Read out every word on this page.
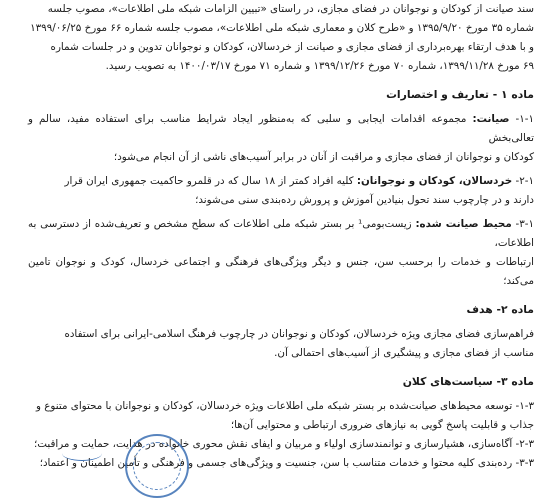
سند صیانت از کودکان و نوجوانان در فضای مجازی، در راستای «تبیین الزامات شبکه ملی اطلاعات»، مصوب جلسه

شماره ۳۵ مورخ ۱۳۹۵/۹/۲۰ و «طرح کلان و معماری شبکه ملی اطلاعات»، مصوب جلسه شماره ۶۶ مورخ ۱۳۹۹/۰۶/۲۵

و با هدف ارتقاء بهره‌برداری از فضای مجازی و صیانت از خردسالان، کودکان و نوجوانان تدوین و در جلسات شماره

۶۹ مورخ ۱۳۹۹/۱۱/۲۸، شماره ۷۰ مورخ ۱۳۹۹/۱۲/۲۶ و شماره ۷۱ مورخ ۱۴۰۰/۰۳/۱۷ به تصویب رسید.

ماده ۱ - تعاریف و اختصارات

۱-۱- صیانت: مجموعه اقدامات ایجابی و سلبی که به‌منظور ایجاد شرایط مناسب برای استفاده مفید، سالم و تعالی‌بخش

کودکان و نوجوانان از فضای مجازی و مراقبت از آنان در برابر آسیب‌های ناشی از آن انجام می‌شود؛

۲-۱- خردسالان، کودکان و نوجوانان: کلیه افراد کمتر از ۱۸ سال که در قلمرو حاکمیت جمهوری ایران قرار

دارند و در چارچوب سند تحول بنیادین آموزش و پرورش رده‌بندی سنی می‌شوند؛

۳-۱- محیط صیانت شده: زیست‌بومی¹ بر بستر شبکه ملی اطلاعات که سطح مشخص و تعریف‌شده از دسترسی به اطلاعات،

ارتباطات و خدمات را برحسب سن، جنس و دیگر ویژگی‌های فرهنگی و اجتماعی خردسال، کودک و نوجوان تامین می‌کند؛

ماده ۲- هدف

فراهم‌سازی فضای مجازی ویژه خردسالان، کودکان و نوجوانان در چارچوب فرهنگ اسلامی-ایرانی برای استفاده

مناسب از فضای مجازی و پیشگیری از آسیب‌های احتمالی آن.

ماده ۳- سیاست‌های کلان

۱-۳- توسعه محیط‌های صیانت‌شده بر بستر شبکه ملی اطلاعات ویژه خردسالان، کودکان و نوجوانان با محتوای متنوع و

جذاب و قابلیت پاسخ گویی به نیازهای ضروری ارتباطی و محتوایی آن‌ها؛

۲-۳- آگاه‌سازی، هشیارسازی و توانمندسازی اولیاء و مربیان و ایفای نقش محوری خانواده در هدایت، حمایت و مراقبت؛

۳-۳- رده‌بندی کلیه محتوا و خدمات متناسب با سن، جنسیت و ویژگی‌های جسمی و فرهنگی و تأمین اطمینان و اعتماد؛
